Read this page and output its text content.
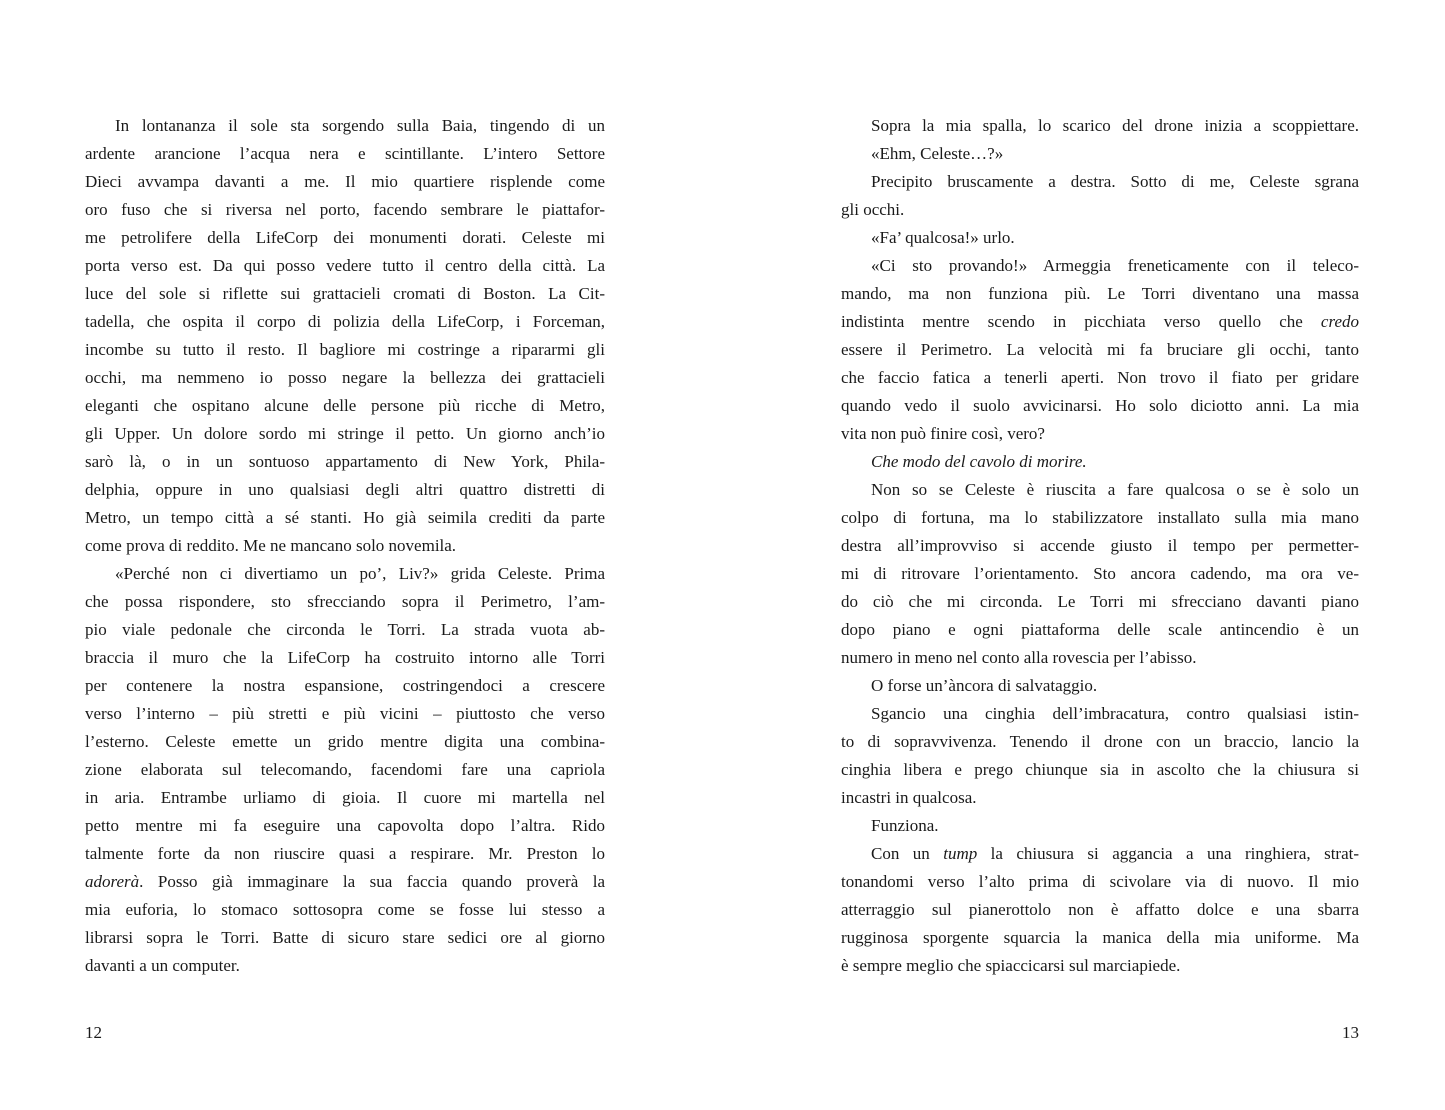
In lontananza il sole sta sorgendo sulla Baia, tingendo di un
ardente arancione l’acqua nera e scintillante. L’intero Settore
Dieci avvampa davanti a me. Il mio quartiere risplende come
oro fuso che si riversa nel porto, facendo sembrare le piattafor-
me petrolifere della LifeCorp dei monumenti dorati. Celeste mi
porta verso est. Da qui posso vedere tutto il centro della città. La
luce del sole si riflette sui grattacieli cromati di Boston. La Cit-
tadella, che ospita il corpo di polizia della LifeCorp, i Forceman,
incombe su tutto il resto. Il bagliore mi costringe a ripararmi gli
occhi, ma nemmeno io posso negare la bellezza dei grattacieli
eleganti che ospitano alcune delle persone più ricche di Metro,
gli Upper. Un dolore sordo mi stringe il petto. Un giorno anch’io
sarò là, o in un sontuoso appartamento di New York, Phila-
delphia, oppure in uno qualsiasi degli altri quattro distretti di
Metro, un tempo città a sé stanti. Ho già seimila crediti da parte
come prova di reddito. Me ne mancano solo novemila.
«Perché non ci divertiamo un po’, Liv?» grida Celeste. Prima
che possa rispondere, sto sfrecciando sopra il Perimetro, l’am-
pio viale pedonale che circonda le Torri. La strada vuota ab-
braccia il muro che la LifeCorp ha costruito intorno alle Torri
per contenere la nostra espansione, costringendoci a crescere
verso l’interno – più stretti e più vicini – piuttosto che verso
l’esterno. Celeste emette un grido mentre digita una combina-
zione elaborata sul telecomando, facendomi fare una capriola
in aria. Entrambe urliamo di gioia. Il cuore mi martella nel
petto mentre mi fa eseguire una capovolta dopo l’altra. Rido
talmente forte da non riuscire quasi a respirare. Mr. Preston lo
adorerà. Posso già immaginare la sua faccia quando proverà la
mia euforia, lo stomaco sottosopra come se fosse lui stesso a
librarsi sopra le Torri. Batte di sicuro stare sedici ore al giorno
davanti a un computer.
12
Sopra la mia spalla, lo scarico del drone inizia a scoppiettare.
«Ehm, Celeste…?»
Precipito bruscamente a destra. Sotto di me, Celeste sgrana
gli occhi.
«Fa’ qualcosa!» urlo.
«Ci sto provando!» Armeggia freneticamente con il teleco-
mando, ma non funziona più. Le Torri diventano una massa
indistinta mentre scendo in picchiata verso quello che credo
essere il Perimetro. La velocità mi fa bruciare gli occhi, tanto
che faccio fatica a tenerli aperti. Non trovo il fiato per gridare
quando vedo il suolo avvicinarsi. Ho solo diciotto anni. La mia
vita non può finire così, vero?
Che modo del cavolo di morire.
Non so se Celeste è riuscita a fare qualcosa o se è solo un
colpo di fortuna, ma lo stabilizzatore installato sulla mia mano
destra all’improvviso si accende giusto il tempo per permetter-
mi di ritrovare l’orientamento. Sto ancora cadendo, ma ora ve-
do ciò che mi circonda. Le Torri mi sfrecciano davanti piano
dopo piano e ogni piattaforma delle scale antincendio è un
numero in meno nel conto alla rovescia per l’abisso.
O forse un’àncora di salvataggio.
Sgancio una cinghia dell’imbracatura, contro qualsiasi istin-
to di sopravvivenza. Tenendo il drone con un braccio, lancio la
cinghia libera e prego chiunque sia in ascolto che la chiusura si
incastri in qualcosa.
Funziona.
Con un tump la chiusura si aggancia a una ringhiera, strat-
tonandomi verso l’alto prima di scivolare via di nuovo. Il mio
atterraggio sul pianerottolo non è affatto dolce e una sbarra
rugginosa sporgente squarcia la manica della mia uniforme. Ma
è sempre meglio che spiaccicarsi sul marciapiede.
13
